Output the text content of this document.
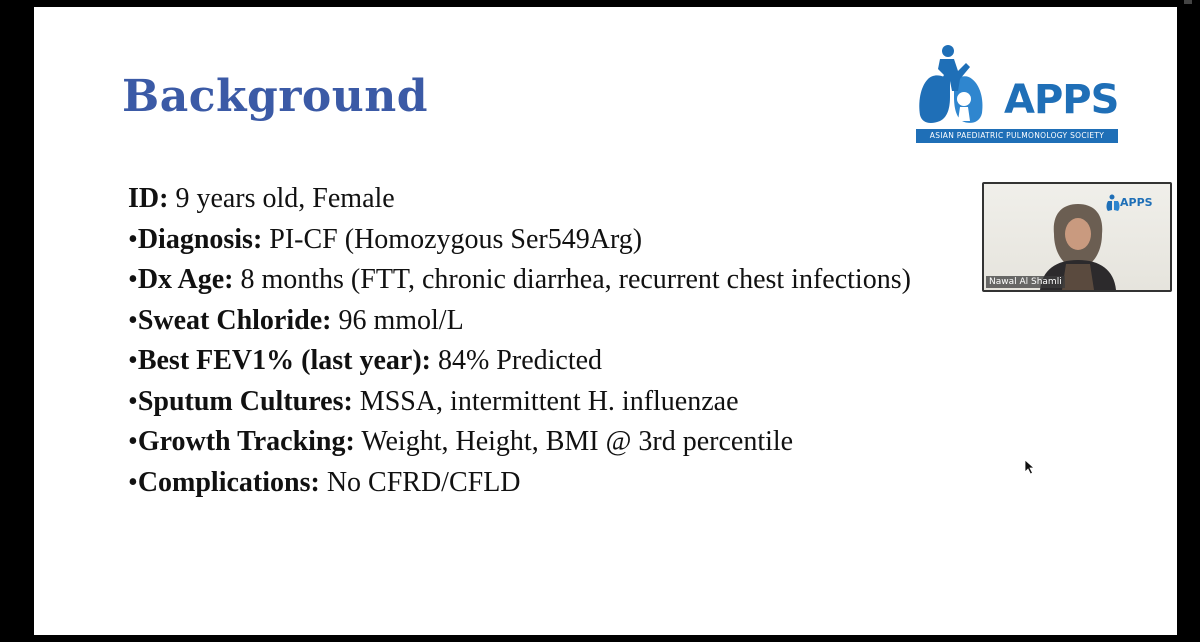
Background	APPS
ASIAN PAEDIATRIC PULMONOLOGY SOCIETY
ID: 9 years old, Female
•Diagnosis: PI-CF (Homozygous Ser549Arg)
•Dx Age: 8 months (FTT, chronic diarrhea, recurrent chest infections)
•Sweat Chloride: 96 mmol/L
•Best FEV1% (last year): 84% Predicted
•Sputum Cultures: MSSA, intermittent H. influenzae
•Growth Tracking: Weight, Height, BMI @ 3rd percentile
•Complications: No CFRD/CFLD
APPS
Nawal Al Shamli
